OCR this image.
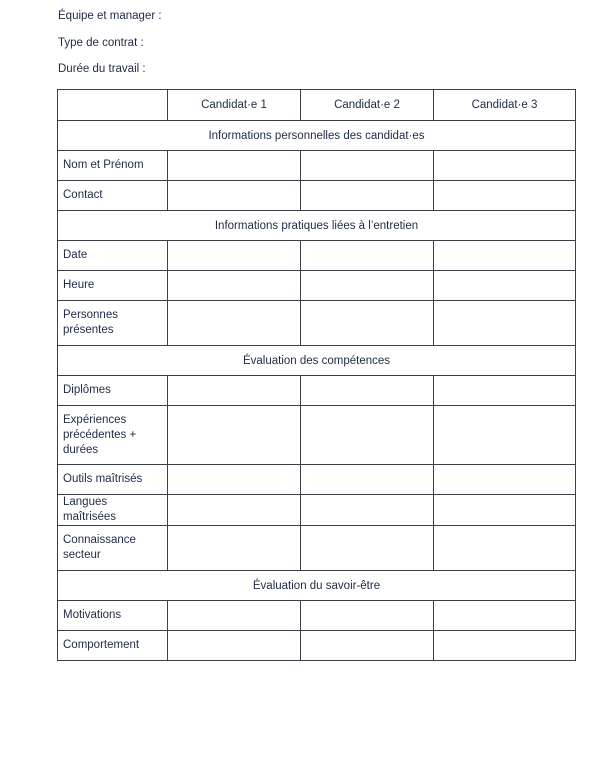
Équipe et manager :
Type de contrat :
Durée du travail :
	Candidat·e 1	Candidat·e 2	Candidat·e 3
Informations personnelles des candidat·es			
Nom et Prénom			
Contact			
Informations pratiques liées à l’entretien			
Date			
Heure			
Personnes présentes			
Évaluation des compétences			
Diplômes			
Expériences précédentes + durées			
Outils maîtrisés			
Langues maîtrisées			
Connaissance secteur			
Évaluation du savoir-être			
Motivations			
Comportement			
